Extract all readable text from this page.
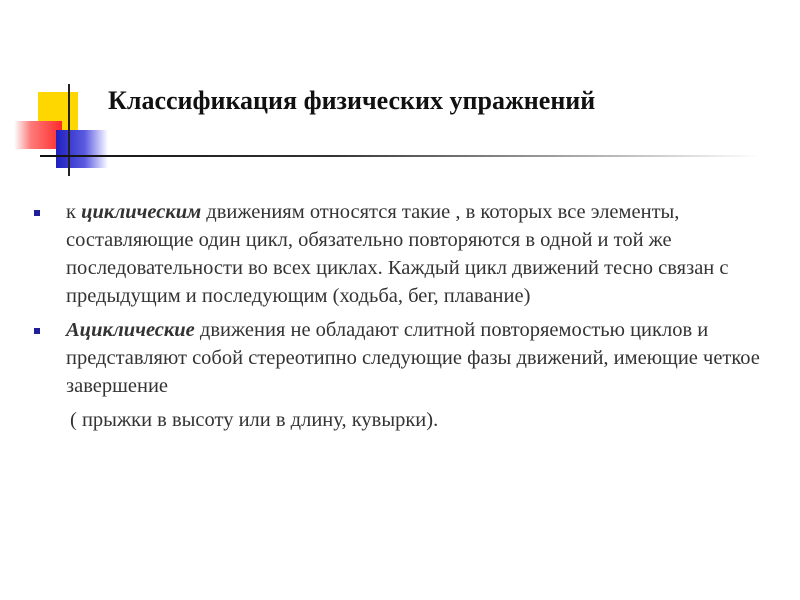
Классификация физических упражнений
к циклическим движениям относятся такие , в которых все элементы, составляющие один цикл, обязательно повторяются в одной и той же последовательности во всех циклах. Каждый цикл движений тесно связан с предыдущим и последующим (ходьба, бег, плавание)
Ациклические движения не обладают слитной повторяемостью циклов и представляют собой стереотипно следующие фазы движений, имеющие четкое завершение
( прыжки в высоту или в длину, кувырки).
